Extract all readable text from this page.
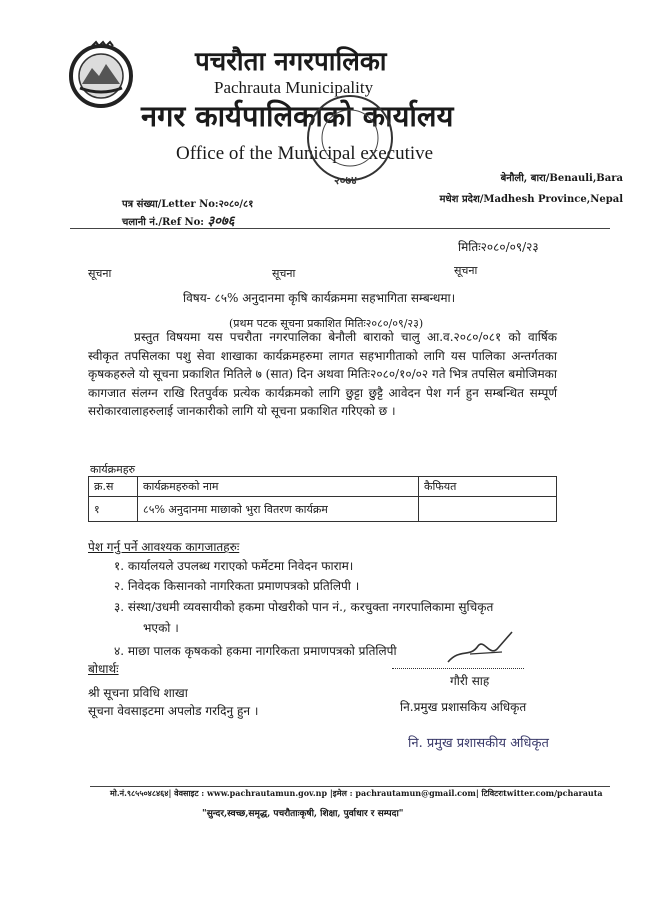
पचरौता नगरपालिका
Pachrauta Municipality
नगर कार्यपालिकाको कार्यालय
Office of the Municipal executive
२०७४	बेनौली, बारा/Benauli,Bara
मधेश प्रदेश/Madhesh Province,Nepal
पत्र संख्या/Letter No:२०८०/८१
चलानी नं./Ref No: ३०७६
मितिः२०८०/०९/२३
सूचना	सूचना	सूचना
विषय- ८५% अनुदानमा कृषि कार्यक्रममा सहभागिता सम्बन्धमा।
(प्रथम पटक सूचना प्रकाशित मितिः२०८०/०९/२३)

प्रस्तुत विषयमा यस पचरौता नगरपालिका बेनौली बाराको चालु आ.व.२०८०/०८१ को वार्षिक स्वीकृत तपसिलका पशु सेवा शाखाका कार्यक्रमहरुमा लागत सहभागीताको लागि यस पालिका अन्तर्गतका कृषकहरुले यो सूचना प्रकाशित मितिले ७ (सात) दिन अथवा मितिः२०८०/१०/०२ गते भित्र तपसिल बमोजिमका कागजात संलग्न राखि रितपुर्वक प्रत्येक कार्यक्रमको लागि छुट्टा छुट्टै आवेदन पेश गर्न हुन सम्बन्धित सम्पूर्ण सरोकारवालाहरुलाई जानकारीको लागि यो सूचना प्रकाशित गरिएको छ ।

कार्यक्रमहरु
क्र.स	कार्यक्रमहरुको नाम	कैफियत
१	८५% अनुदानमा माछाको भुरा वितरण कार्यक्रम	
पेश गर्नु पर्ने आवश्यक कागजातहरुः
१. कार्यालयले उपलब्ध गराएको फर्मेटमा निवेदन फाराम।
२. निवेदक किसानको नागरिकता प्रमाणपत्रको प्रतिलिपी ।
३. संस्था/उधमी व्यवसायीको हकमा पोखरीको पान नं., करचुक्ता नगरपालिकामा सुचिकृत
भएको ।
४. माछा पालक कृषकको हकमा नागरिकता प्रमाणपत्रको प्रतिलिपी
बोधार्थः
श्री सूचना प्रविधि शाखा
सूचना वेवसाइटमा अपलोड गरदिनु हुन ।
गौरी साह
नि.प्रमुख प्रशासकिय अधिकृत
नि. प्रमुख प्रशासकीय अधिकृत
मो.नं.९८५५०४८४६४| वेवसाइट : www.pachrautamun.gov.np |इमेल : pachrautamun@gmail.com| टिविटरःtwitter.com/pcharauta
"सुन्दर,स्वच्छ,समृद्ध, पचरौताःकृषी, शिक्षा, पुर्वाधार र सम्पदा"
